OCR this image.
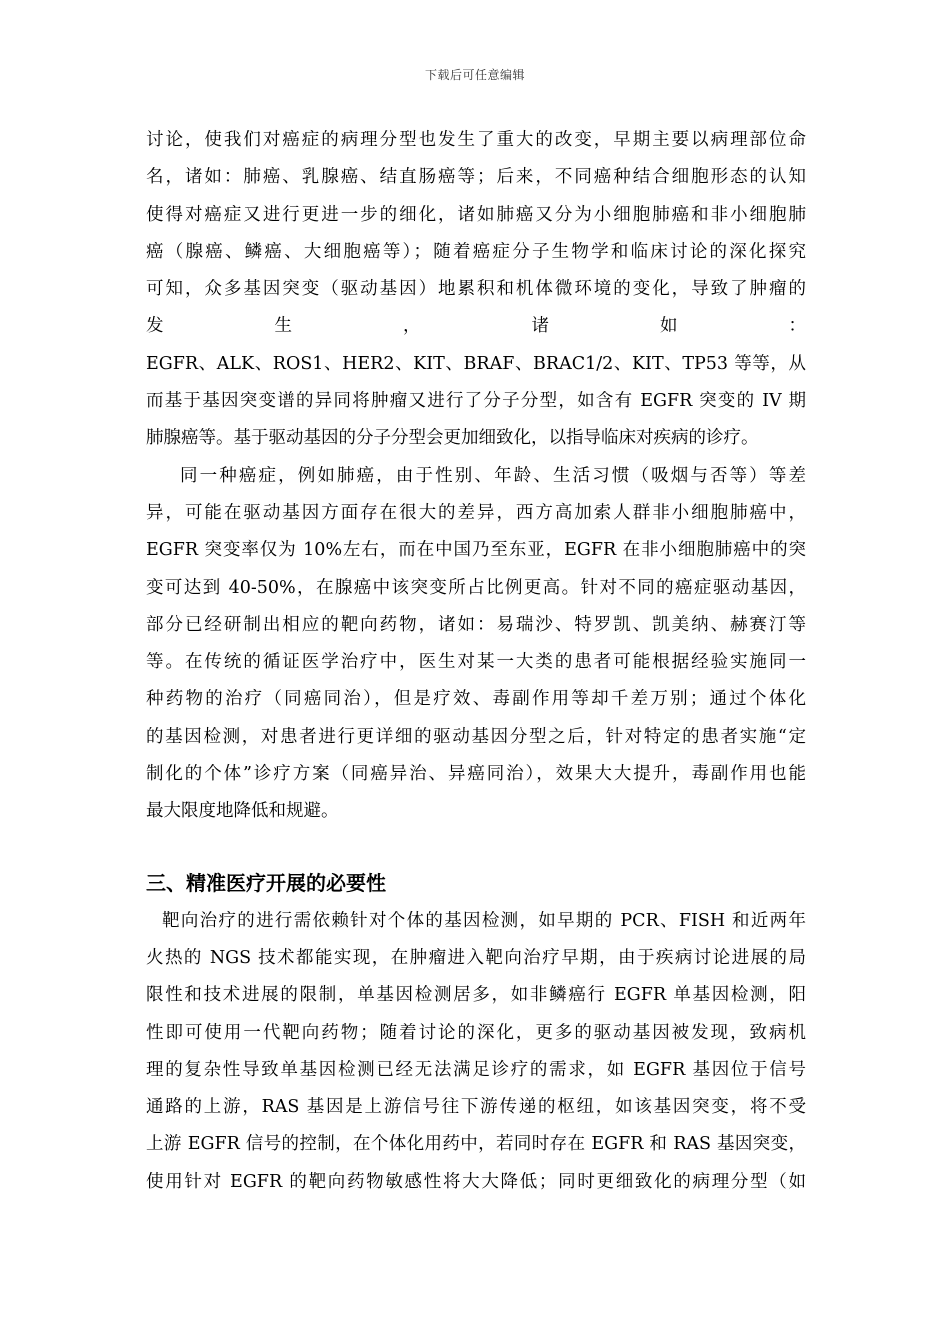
下载后可任意编辑
讨论，使我们对癌症的病理分型也发生了重大的改变，早期主要以病理部位命
名，诸如：肺癌、乳腺癌、结直肠癌等；后来，不同癌种结合细胞形态的认知
使得对癌症又进行更进一步的细化，诸如肺癌又分为小细胞肺癌和非小细胞肺
癌（腺癌、鳞癌、大细胞癌等）；随着癌症分子生物学和临床讨论的深化探究
可知，众多基因突变（驱动基因）地累积和机体微环境的变化，导致了肿瘤的
发	生	，	诸	如	：
EGFR、ALK、ROS1、HER2、KIT、BRAF、BRAC1/2、KIT、TP53 等等，从
而基于基因突变谱的异同将肿瘤又进行了分子分型，如含有 EGFR 突变的 IV 期
肺腺癌等。基于驱动基因的分子分型会更加细致化，以指导临床对疾病的诊疗。
同一种癌症，例如肺癌，由于性别、年龄、生活习惯（吸烟与否等）等差
异，可能在驱动基因方面存在很大的差异，西方高加索人群非小细胞肺癌中，
EGFR 突变率仅为 10%左右，而在中国乃至东亚，EGFR 在非小细胞肺癌中的突
变可达到 40-50%，在腺癌中该突变所占比例更高。针对不同的癌症驱动基因，
部分已经研制出相应的靶向药物，诸如：易瑞沙、特罗凯、凯美纳、赫赛汀等
等。在传统的循证医学治疗中，医生对某一大类的患者可能根据经验实施同一
种药物的治疗（同癌同治），但是疗效、毒副作用等却千差万别；通过个体化
的基因检测，对患者进行更详细的驱动基因分型之后，针对特定的患者实施“定
制化的个体”诊疗方案（同癌异治、异癌同治），效果大大提升，毒副作用也能
最大限度地降低和规避。
三、精准医疗开展的必要性
靶向治疗的进行需依赖针对个体的基因检测，如早期的 PCR、FISH 和近两年
火热的 NGS 技术都能实现，在肿瘤进入靶向治疗早期，由于疾病讨论进展的局
限性和技术进展的限制，单基因检测居多，如非鳞癌行 EGFR 单基因检测，阳
性即可使用一代靶向药物；随着讨论的深化，更多的驱动基因被发现，致病机
理的复杂性导致单基因检测已经无法满足诊疗的需求，如 EGFR 基因位于信号
通路的上游，RAS 基因是上游信号往下游传递的枢纽，如该基因突变，将不受
上游 EGFR 信号的控制，在个体化用药中，若同时存在 EGFR 和 RAS 基因突变，
使用针对 EGFR 的靶向药物敏感性将大大降低；同时更细致化的病理分型（如
